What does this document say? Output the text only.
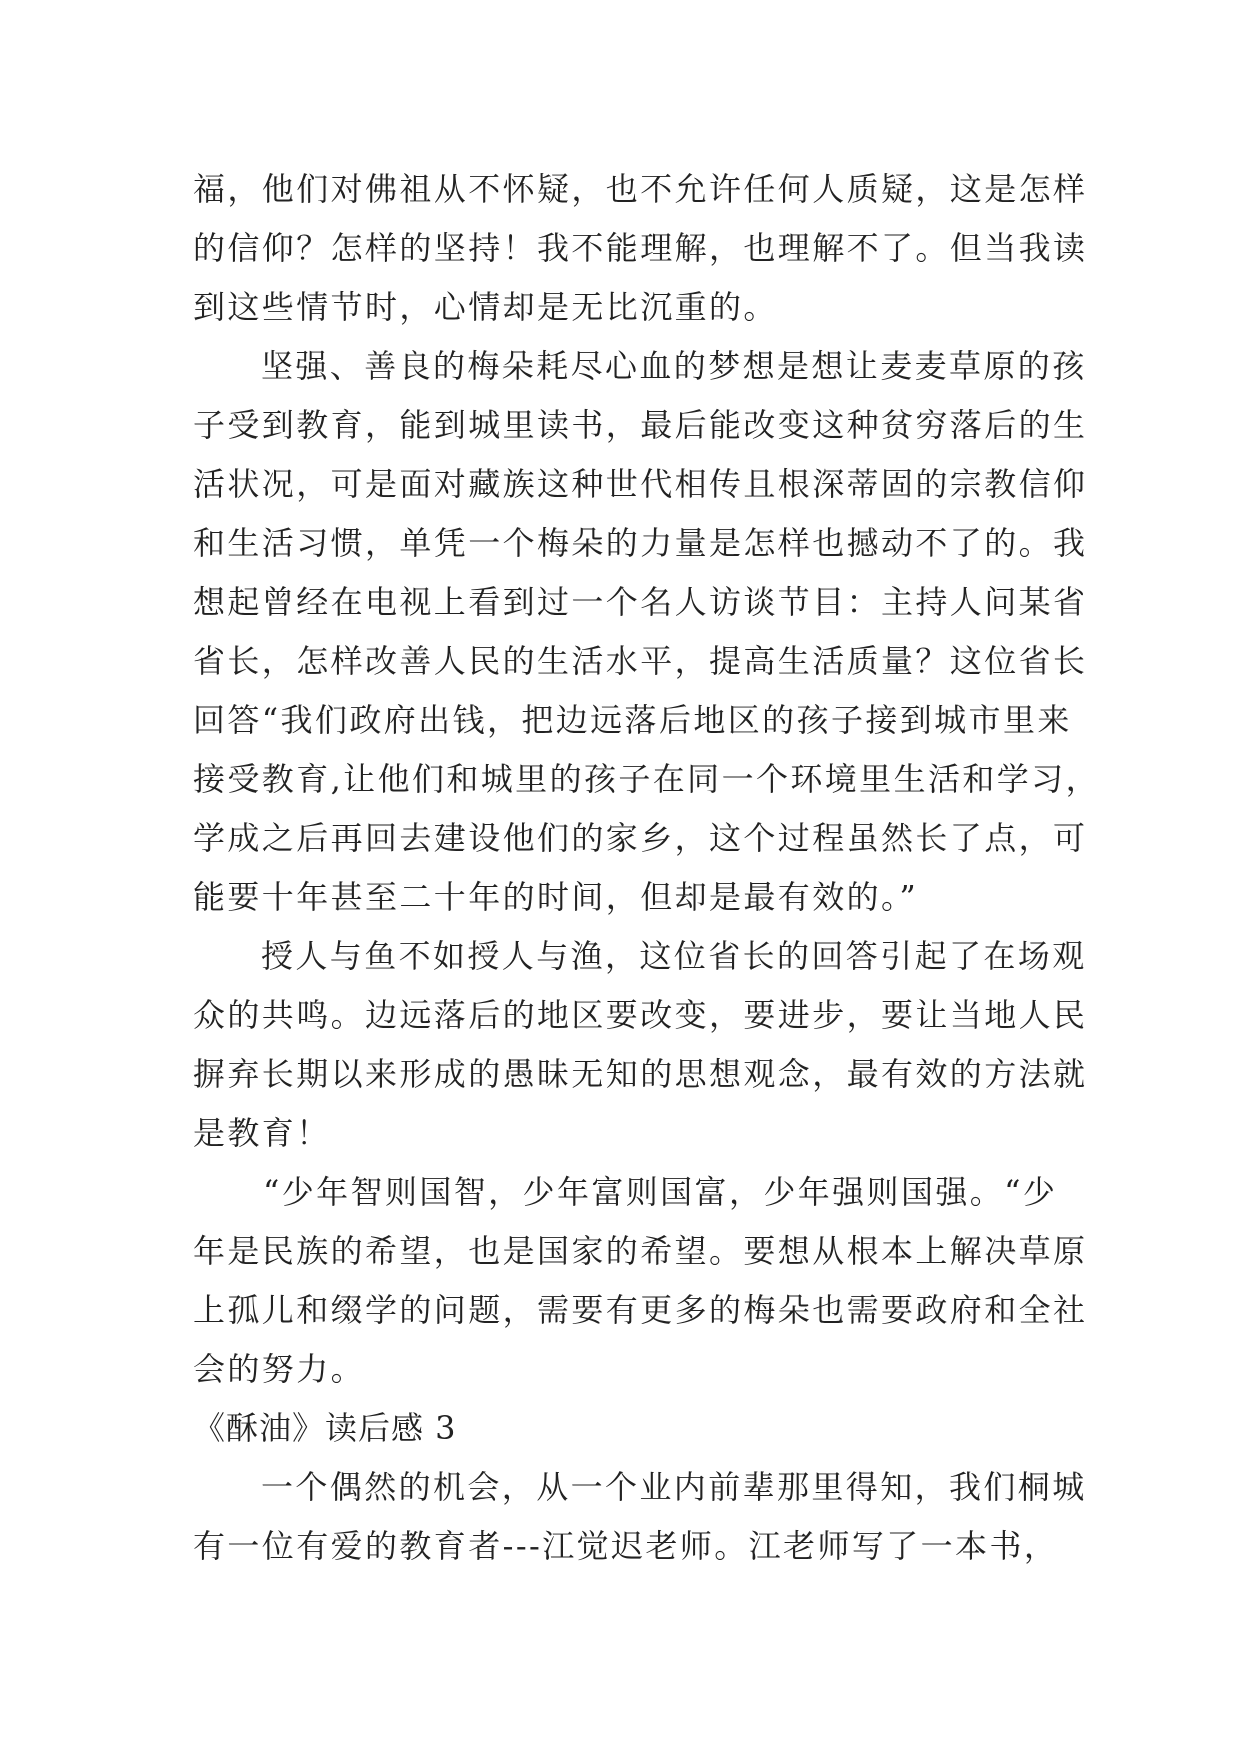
福，他们对佛祖从不怀疑，也不允许任何人质疑，这是怎样
的信仰？怎样的坚持！我不能理解，也理解不了。但当我读
到这些情节时，心情却是无比沉重的。
坚强、善良的梅朵耗尽心血的梦想是想让麦麦草原的孩
子受到教育，能到城里读书，最后能改变这种贫穷落后的生
活状况，可是面对藏族这种世代相传且根深蒂固的宗教信仰
和生活习惯，单凭一个梅朵的力量是怎样也撼动不了的。我
想起曾经在电视上看到过一个名人访谈节目：主持人问某省
省长，怎样改善人民的生活水平，提高生活质量？这位省长
回答“我们政府出钱，把边远落后地区的孩子接到城市里来
接受教育,让他们和城里的孩子在同一个环境里生活和学习，
学成之后再回去建设他们的家乡，这个过程虽然长了点，可
能要十年甚至二十年的时间，但却是最有效的。”
授人与鱼不如授人与渔，这位省长的回答引起了在场观
众的共鸣。边远落后的地区要改变，要进步，要让当地人民
摒弃长期以来形成的愚昧无知的思想观念，最有效的方法就
是教育！
“少年智则国智，少年富则国富，少年强则国强。“少
年是民族的希望，也是国家的希望。要想从根本上解决草原
上孤儿和缀学的问题，需要有更多的梅朵也需要政府和全社
会的努力。
《酥油》读后感 3
一个偶然的机会，从一个业内前辈那里得知，我们桐城
有一位有爱的教育者---江觉迟老师。江老师写了一本书，
